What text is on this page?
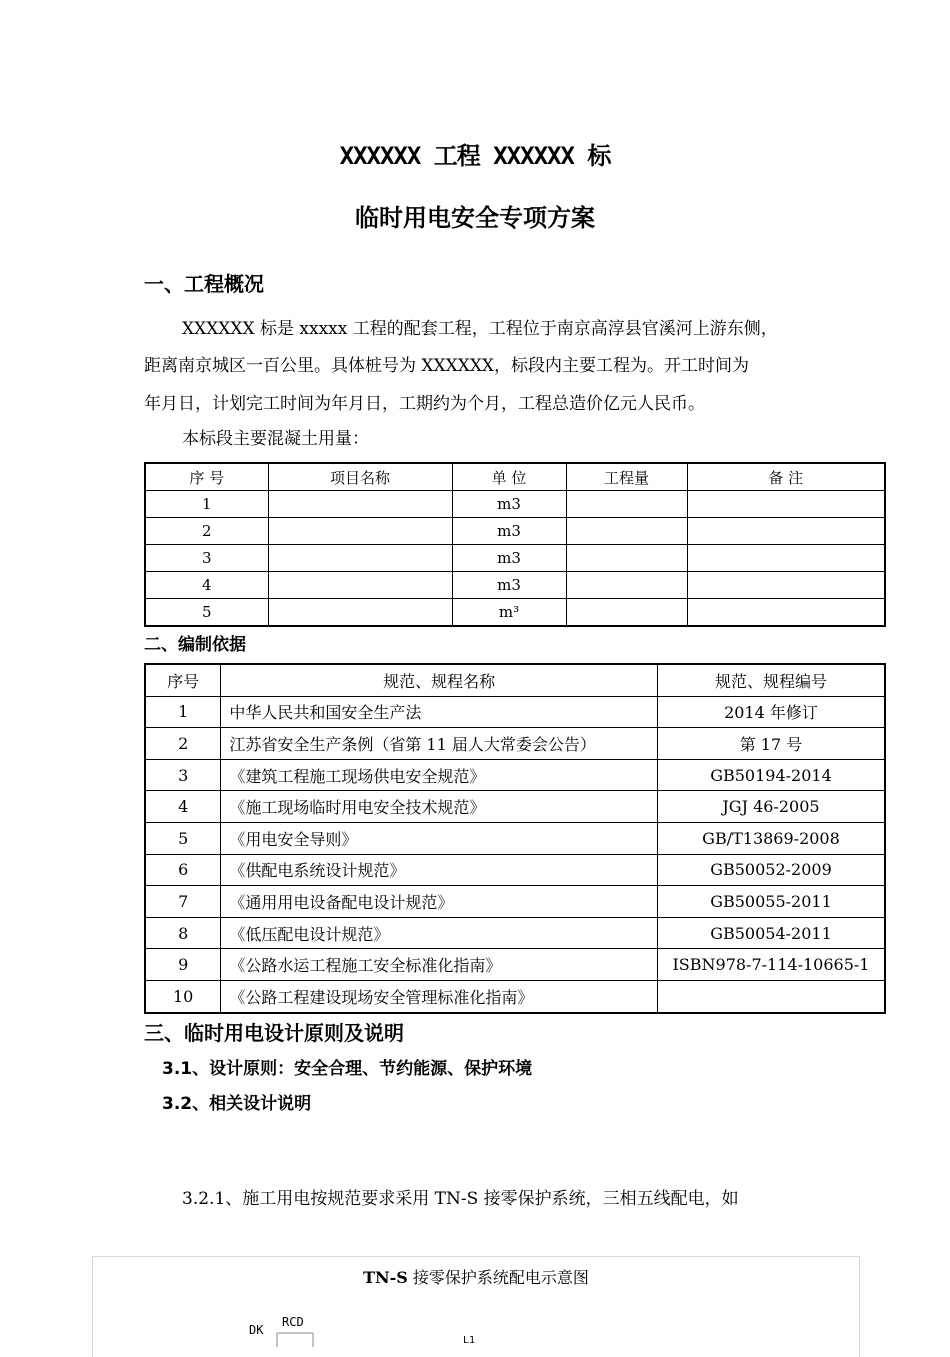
XXXXXX 工程 XXXXXX 标
临时用电安全专项方案
一、工程概况
XXXXXX 标是 xxxxx 工程的配套工程，工程位于南京高淳县官溪河上游东侧，
距离南京城区一百公里。具体桩号为 XXXXXX，标段内主要工程为。开工时间为
年月日，计划完工时间为年月日，工期约为个月，工程总造价亿元人民币。
本标段主要混凝土用量：
序 号	项目名称	单 位	工程量	备 注
1		m3		
2		m3		
3		m3		
4		m3		
5		m³		
二、编制依据
序号	规范、规程名称	规范、规程编号
1	中华人民共和国安全生产法	2014 年修订
2	江苏省安全生产条例（省第 11 届人大常委会公告）	第 17 号
3	《建筑工程施工现场供电安全规范》	GB50194-2014
4	《施工现场临时用电安全技术规范》	JGJ 46-2005
5	《用电安全导则》	GB/T13869-2008
6	《供配电系统设计规范》	GB50052-2009
7	《通用用电设备配电设计规范》	GB50055-2011
8	《低压配电设计规范》	GB50054-2011
9	《公路水运工程施工安全标准化指南》	ISBN978-7-114-10665-1
10	《公路工程建设现场安全管理标准化指南》	
三、临时用电设计原则及说明
3.1、设计原则：安全合理、节约能源、保护环境
3.2、相关设计说明
3.2.1、施工用电按规范要求采用 TN-S 接零保护系统，三相五线配电，如
TN-S 接零保护系统配电示意图
DK
RCD
L1
